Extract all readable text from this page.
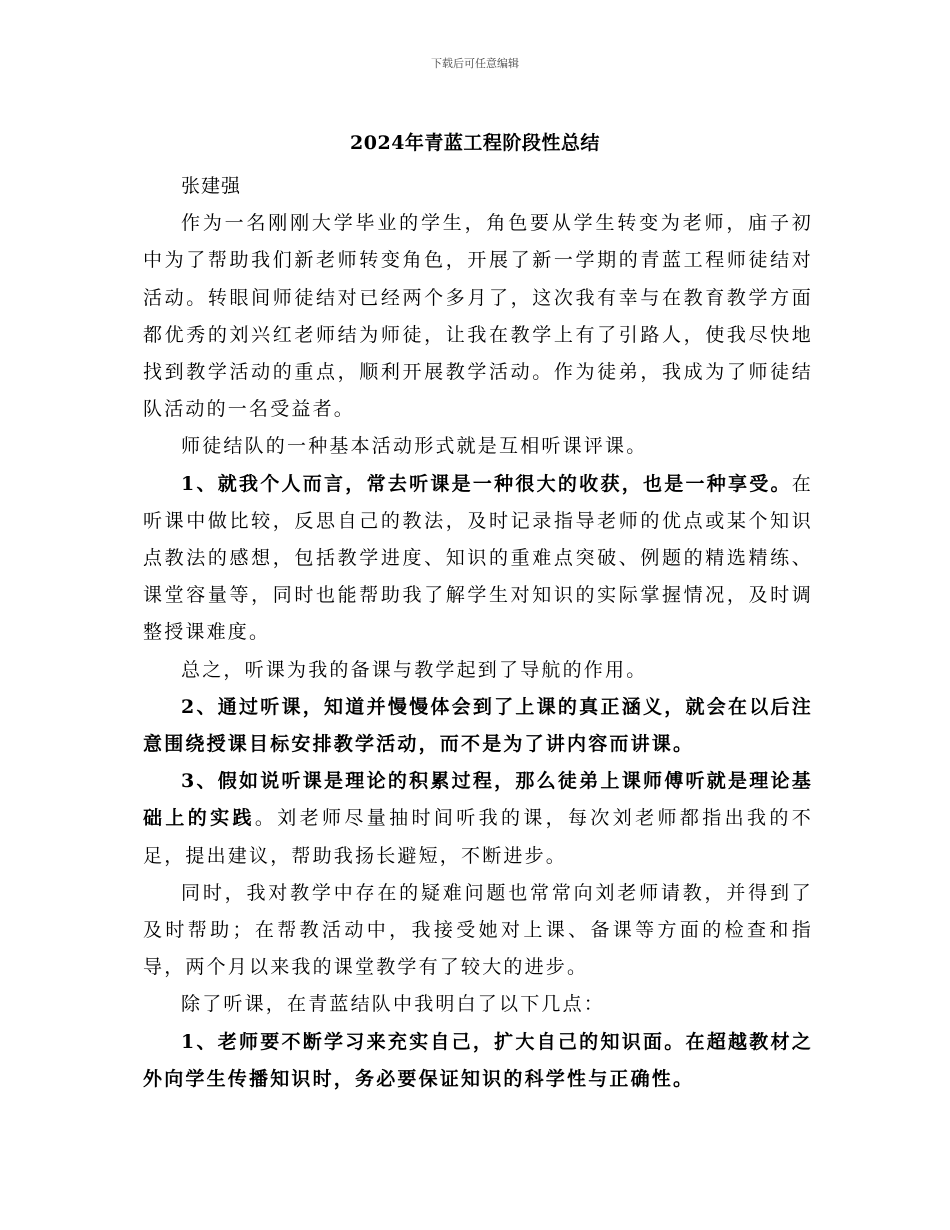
下载后可任意编辑
2024年青蓝工程阶段性总结

张建强

作为一名刚刚大学毕业的学生，角色要从学生转变为老师，庙子初中为了帮助我们新老师转变角色，开展了新一学期的青蓝工程师徒结对活动。转眼间师徒结对已经两个多月了，这次我有幸与在教育教学方面都优秀的刘兴红老师结为师徒，让我在教学上有了引路人，使我尽快地找到教学活动的重点，顺利开展教学活动。作为徒弟，我成为了师徒结队活动的一名受益者。

师徒结队的一种基本活动形式就是互相听课评课。

1、就我个人而言，常去听课是一种很大的收获，也是一种享受。在听课中做比较，反思自己的教法，及时记录指导老师的优点或某个知识点教法的感想，包括教学进度、知识的重难点突破、例题的精选精练、课堂容量等，同时也能帮助我了解学生对知识的实际掌握情况，及时调整授课难度。

总之，听课为我的备课与教学起到了导航的作用。

2、通过听课，知道并慢慢体会到了上课的真正涵义，就会在以后注意围绕授课目标安排教学活动，而不是为了讲内容而讲课。

3、假如说听课是理论的积累过程，那么徒弟上课师傅听就是理论基础上的实践。刘老师尽量抽时间听我的课，每次刘老师都指出我的不足，提出建议，帮助我扬长避短，不断进步。

同时，我对教学中存在的疑难问题也常常向刘老师请教，并得到了及时帮助；在帮教活动中，我接受她对上课、备课等方面的检查和指导，两个月以来我的课堂教学有了较大的进步。

除了听课，在青蓝结队中我明白了以下几点：

1、老师要不断学习来充实自己，扩大自己的知识面。在超越教材之外向学生传播知识时，务必要保证知识的科学性与正确性。
